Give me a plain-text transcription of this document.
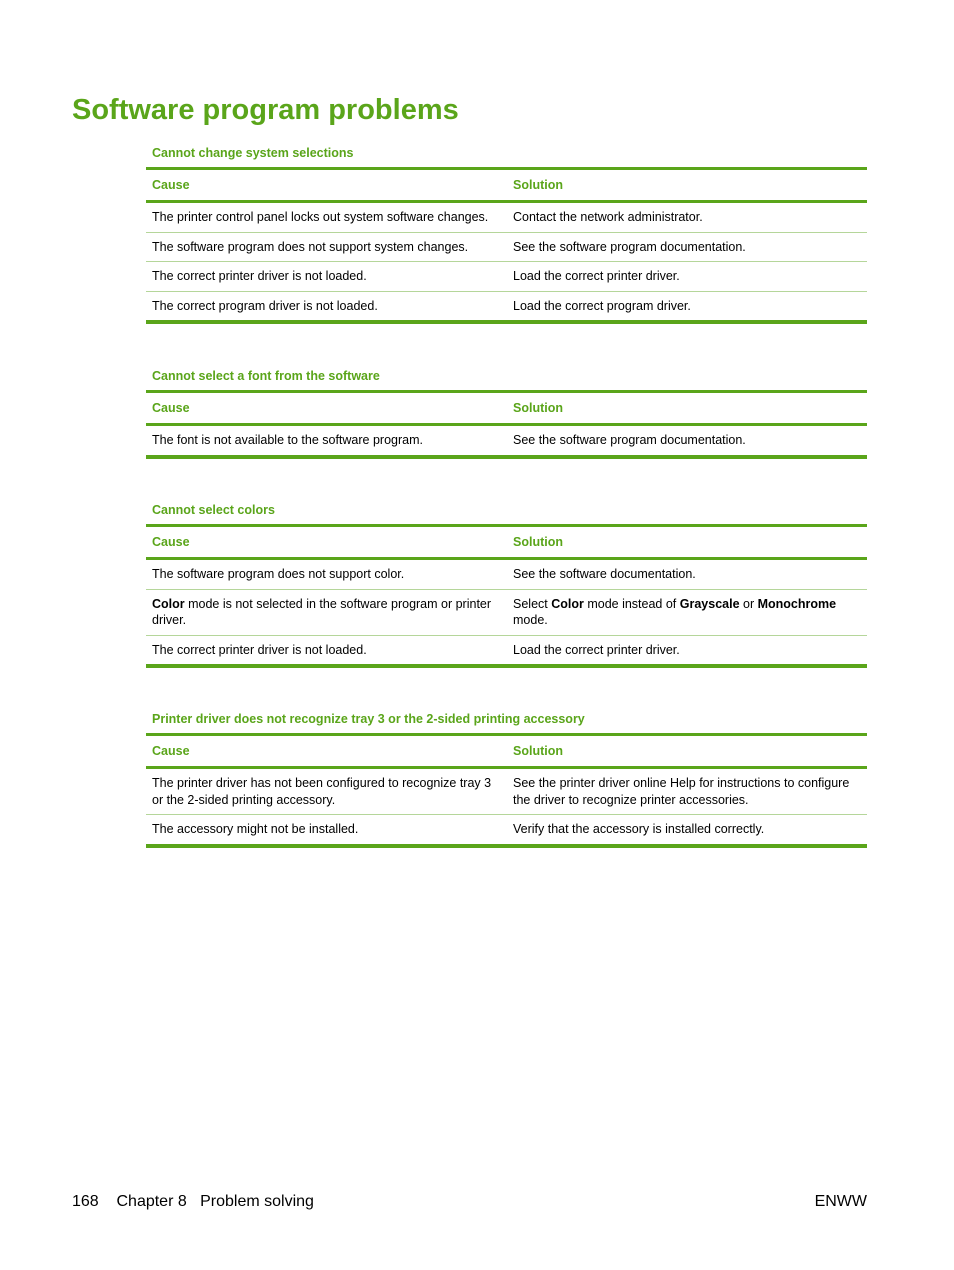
Software program problems
Cannot change system selections
Cause	Solution
The printer control panel locks out system software changes.	Contact the network administrator.
The software program does not support system changes.	See the software program documentation.
The correct printer driver is not loaded.	Load the correct printer driver.
The correct program driver is not loaded.	Load the correct program driver.
Cannot select a font from the software
Cause	Solution
The font is not available to the software program.	See the software program documentation.
Cannot select colors
Cause	Solution
The software program does not support color.	See the software documentation.
Color mode is not selected in the software program or printer driver.	Select Color mode instead of Grayscale or Monochrome mode.
The correct printer driver is not loaded.	Load the correct printer driver.
Printer driver does not recognize tray 3 or the 2-sided printing accessory
Cause	Solution
The printer driver has not been configured to recognize tray 3 or the 2-sided printing accessory.	See the printer driver online Help for instructions to configure the driver to recognize printer accessories.
The accessory might not be installed.	Verify that the accessory is installed correctly.
168 Chapter 8 Problem solving	ENWW
